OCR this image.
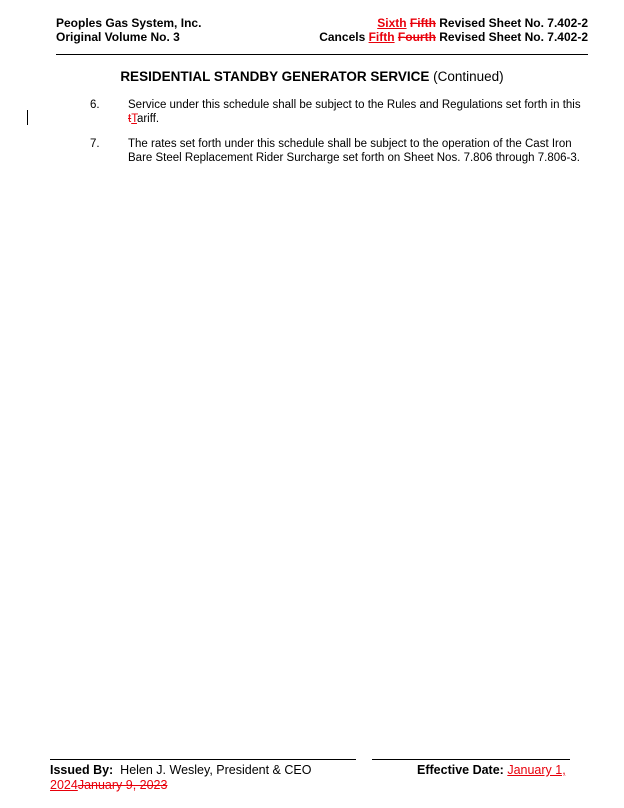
Peoples Gas System, Inc.
Original Volume No. 3
Sixth Fifth Revised Sheet No. 7.402-2
Cancels Fifth Fourth Revised Sheet No. 7.402-2
RESIDENTIAL STANDBY GENERATOR SERVICE (Continued)
6. Service under this schedule shall be subject to the Rules and Regulations set forth in this tTariff.
7. The rates set forth under this schedule shall be subject to the operation of the Cast Iron Bare Steel Replacement Rider Surcharge set forth on Sheet Nos. 7.806 through 7.806-3.
Issued By:  Helen J. Wesley, President & CEO	Effective Date: January 1,
2024January 9, 2023
